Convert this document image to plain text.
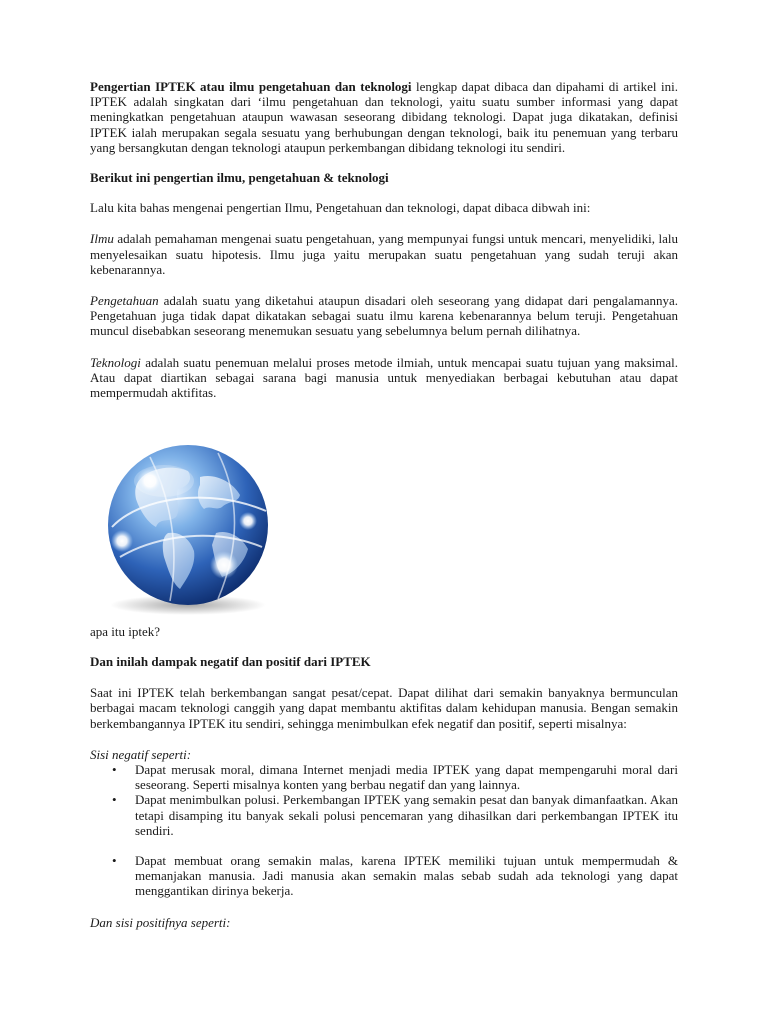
Pengertian IPTEK atau ilmu pengetahuan dan teknologi lengkap dapat dibaca dan dipahami di artikel ini. IPTEK adalah singkatan dari ‘ilmu pengetahuan dan teknologi, yaitu suatu sumber informasi yang dapat meningkatkan pengetahuan ataupun wawasan seseorang dibidang teknologi. Dapat juga dikatakan, definisi IPTEK ialah merupakan segala sesuatu yang berhubungan dengan teknologi, baik itu penemuan yang terbaru yang bersangkutan dengan teknologi ataupun perkembangan dibidang teknologi itu sendiri.

Berikut ini pengertian ilmu, pengetahuan & teknologi

Lalu kita bahas mengenai pengertian Ilmu, Pengetahuan dan teknologi, dapat dibaca dibwah ini:

Ilmu adalah pemahaman mengenai suatu pengetahuan, yang mempunyai fungsi untuk mencari, menyelidiki, lalu menyelesaikan suatu hipotesis. Ilmu juga yaitu merupakan suatu pengetahuan yang sudah teruji akan kebenarannya.

Pengetahuan adalah suatu yang diketahui ataupun disadari oleh seseorang yang didapat dari pengalamannya. Pengetahuan juga tidak dapat dikatakan sebagai suatu ilmu karena kebenarannya belum teruji. Pengetahuan muncul disebabkan seseorang menemukan sesuatu yang sebelumnya belum pernah dilihatnya.

Teknologi adalah suatu penemuan melalui proses metode ilmiah, untuk mencapai suatu tujuan yang maksimal. Atau dapat diartikan sebagai sarana bagi manusia untuk menyediakan berbagai kebutuhan atau dapat mempermudah aktifitas.

apa itu iptek?

Dan inilah dampak negatif dan positif dari IPTEK

Saat ini IPTEK telah berkembangan sangat pesat/cepat. Dapat dilihat dari semakin banyaknya bermunculan berbagai macam teknologi canggih yang dapat membantu aktifitas dalam kehidupan manusia. Bengan semakin berkembangannya IPTEK itu sendiri, sehingga menimbulkan efek negatif dan positif, seperti misalnya:

Sisi negatif seperti:

• Dapat merusak moral, dimana Internet menjadi media IPTEK yang dapat mempengaruhi moral dari seseorang. Seperti misalnya konten yang berbau negatif dan yang lainnya.
• Dapat menimbulkan polusi. Perkembangan IPTEK yang semakin pesat dan banyak dimanfaatkan. Akan tetapi disamping itu banyak sekali polusi pencemaran yang dihasilkan dari perkembangan IPTEK itu sendiri.
• Dapat membuat orang semakin malas, karena IPTEK memiliki tujuan untuk mempermudah & memanjakan manusia. Jadi manusia akan semakin malas sebab sudah ada teknologi yang dapat menggantikan dirinya bekerja.

Dan sisi positifnya seperti:
